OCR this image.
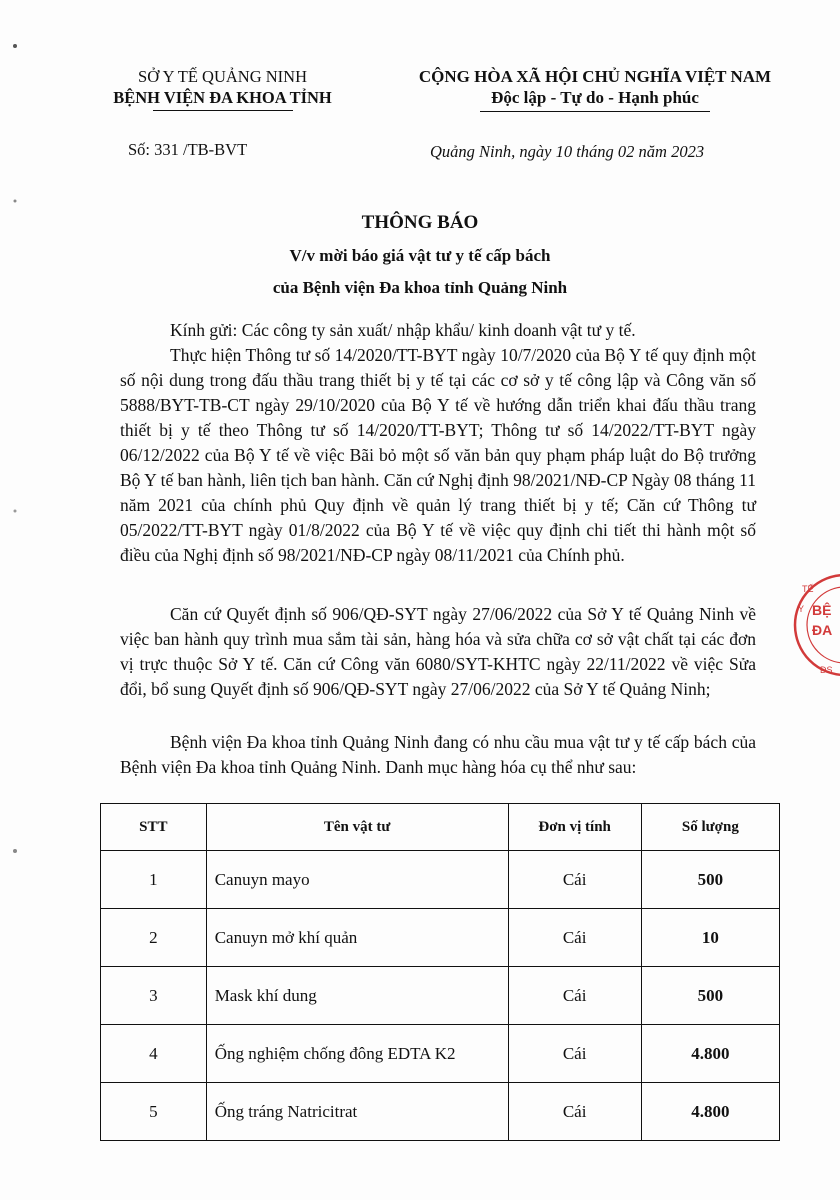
SỞ Y TẾ QUẢNG NINH
BỆNH VIỆN ĐA KHOA TỈNH
CỘNG HÒA XÃ HỘI CHỦ NGHĨA VIỆT NAM
Độc lập - Tự do - Hạnh phúc
Số: 331 /TB-BVT	Quảng Ninh, ngày 10 tháng 02 năm 2023
THÔNG BÁO
V/v mời báo giá vật tư y tế cấp bách
của Bệnh viện Đa khoa tỉnh Quảng Ninh

Kính gửi: Các công ty sản xuất/ nhập khẩu/ kinh doanh vật tư y tế.

Thực hiện Thông tư số 14/2020/TT-BYT ngày 10/7/2020 của Bộ Y tế quy định một số nội dung trong đấu thầu trang thiết bị y tế tại các cơ sở y tế công lập và Công văn số 5888/BYT-TB-CT ngày 29/10/2020 của Bộ Y tế về hướng dẫn triển khai đấu thầu trang thiết bị y tế theo Thông tư số 14/2020/TT-BYT; Thông tư số 14/2022/TT-BYT ngày 06/12/2022 của Bộ Y tế về việc Bãi bỏ một số văn bản quy phạm pháp luật do Bộ trưởng Bộ Y tế ban hành, liên tịch ban hành. Căn cứ Nghị định 98/2021/NĐ-CP Ngày 08 tháng 11 năm 2021 của chính phủ Quy định về quản lý trang thiết bị y tế; Căn cứ Thông tư 05/2022/TT-BYT ngày 01/8/2022 của Bộ Y tế về việc quy định chi tiết thi hành một số điều của Nghị định số 98/2021/NĐ-CP ngày 08/11/2021 của Chính phủ.

Căn cứ Quyết định số 906/QĐ-SYT ngày 27/06/2022 của Sở Y tế Quảng Ninh về việc ban hành quy trình mua sắm tài sản, hàng hóa và sửa chữa cơ sở vật chất tại các đơn vị trực thuộc Sở Y tế. Căn cứ Công văn 6080/SYT-KHTC ngày 22/11/2022 về việc Sửa đổi, bổ sung Quyết định số 906/QĐ-SYT ngày 27/06/2022 của Sở Y tế Quảng Ninh;

Bệnh viện Đa khoa tỉnh Quảng Ninh đang có nhu cầu mua vật tư y tế cấp bách của Bệnh viện Đa khoa tỉnh Quảng Ninh. Danh mục hàng hóa cụ thể như sau:

STT	Tên vật tư	Đơn vị tính	Số lượng
1	Canuyn mayo	Cái	500
2	Canuyn mở khí quản	Cái	10
3	Mask khí dung	Cái	500
4	Ống nghiệm chống đông EDTA K2	Cái	4.800
5	Ống tráng Natricitrat	Cái	4.800
BỆ
ĐA
Y
TẾ
DS
